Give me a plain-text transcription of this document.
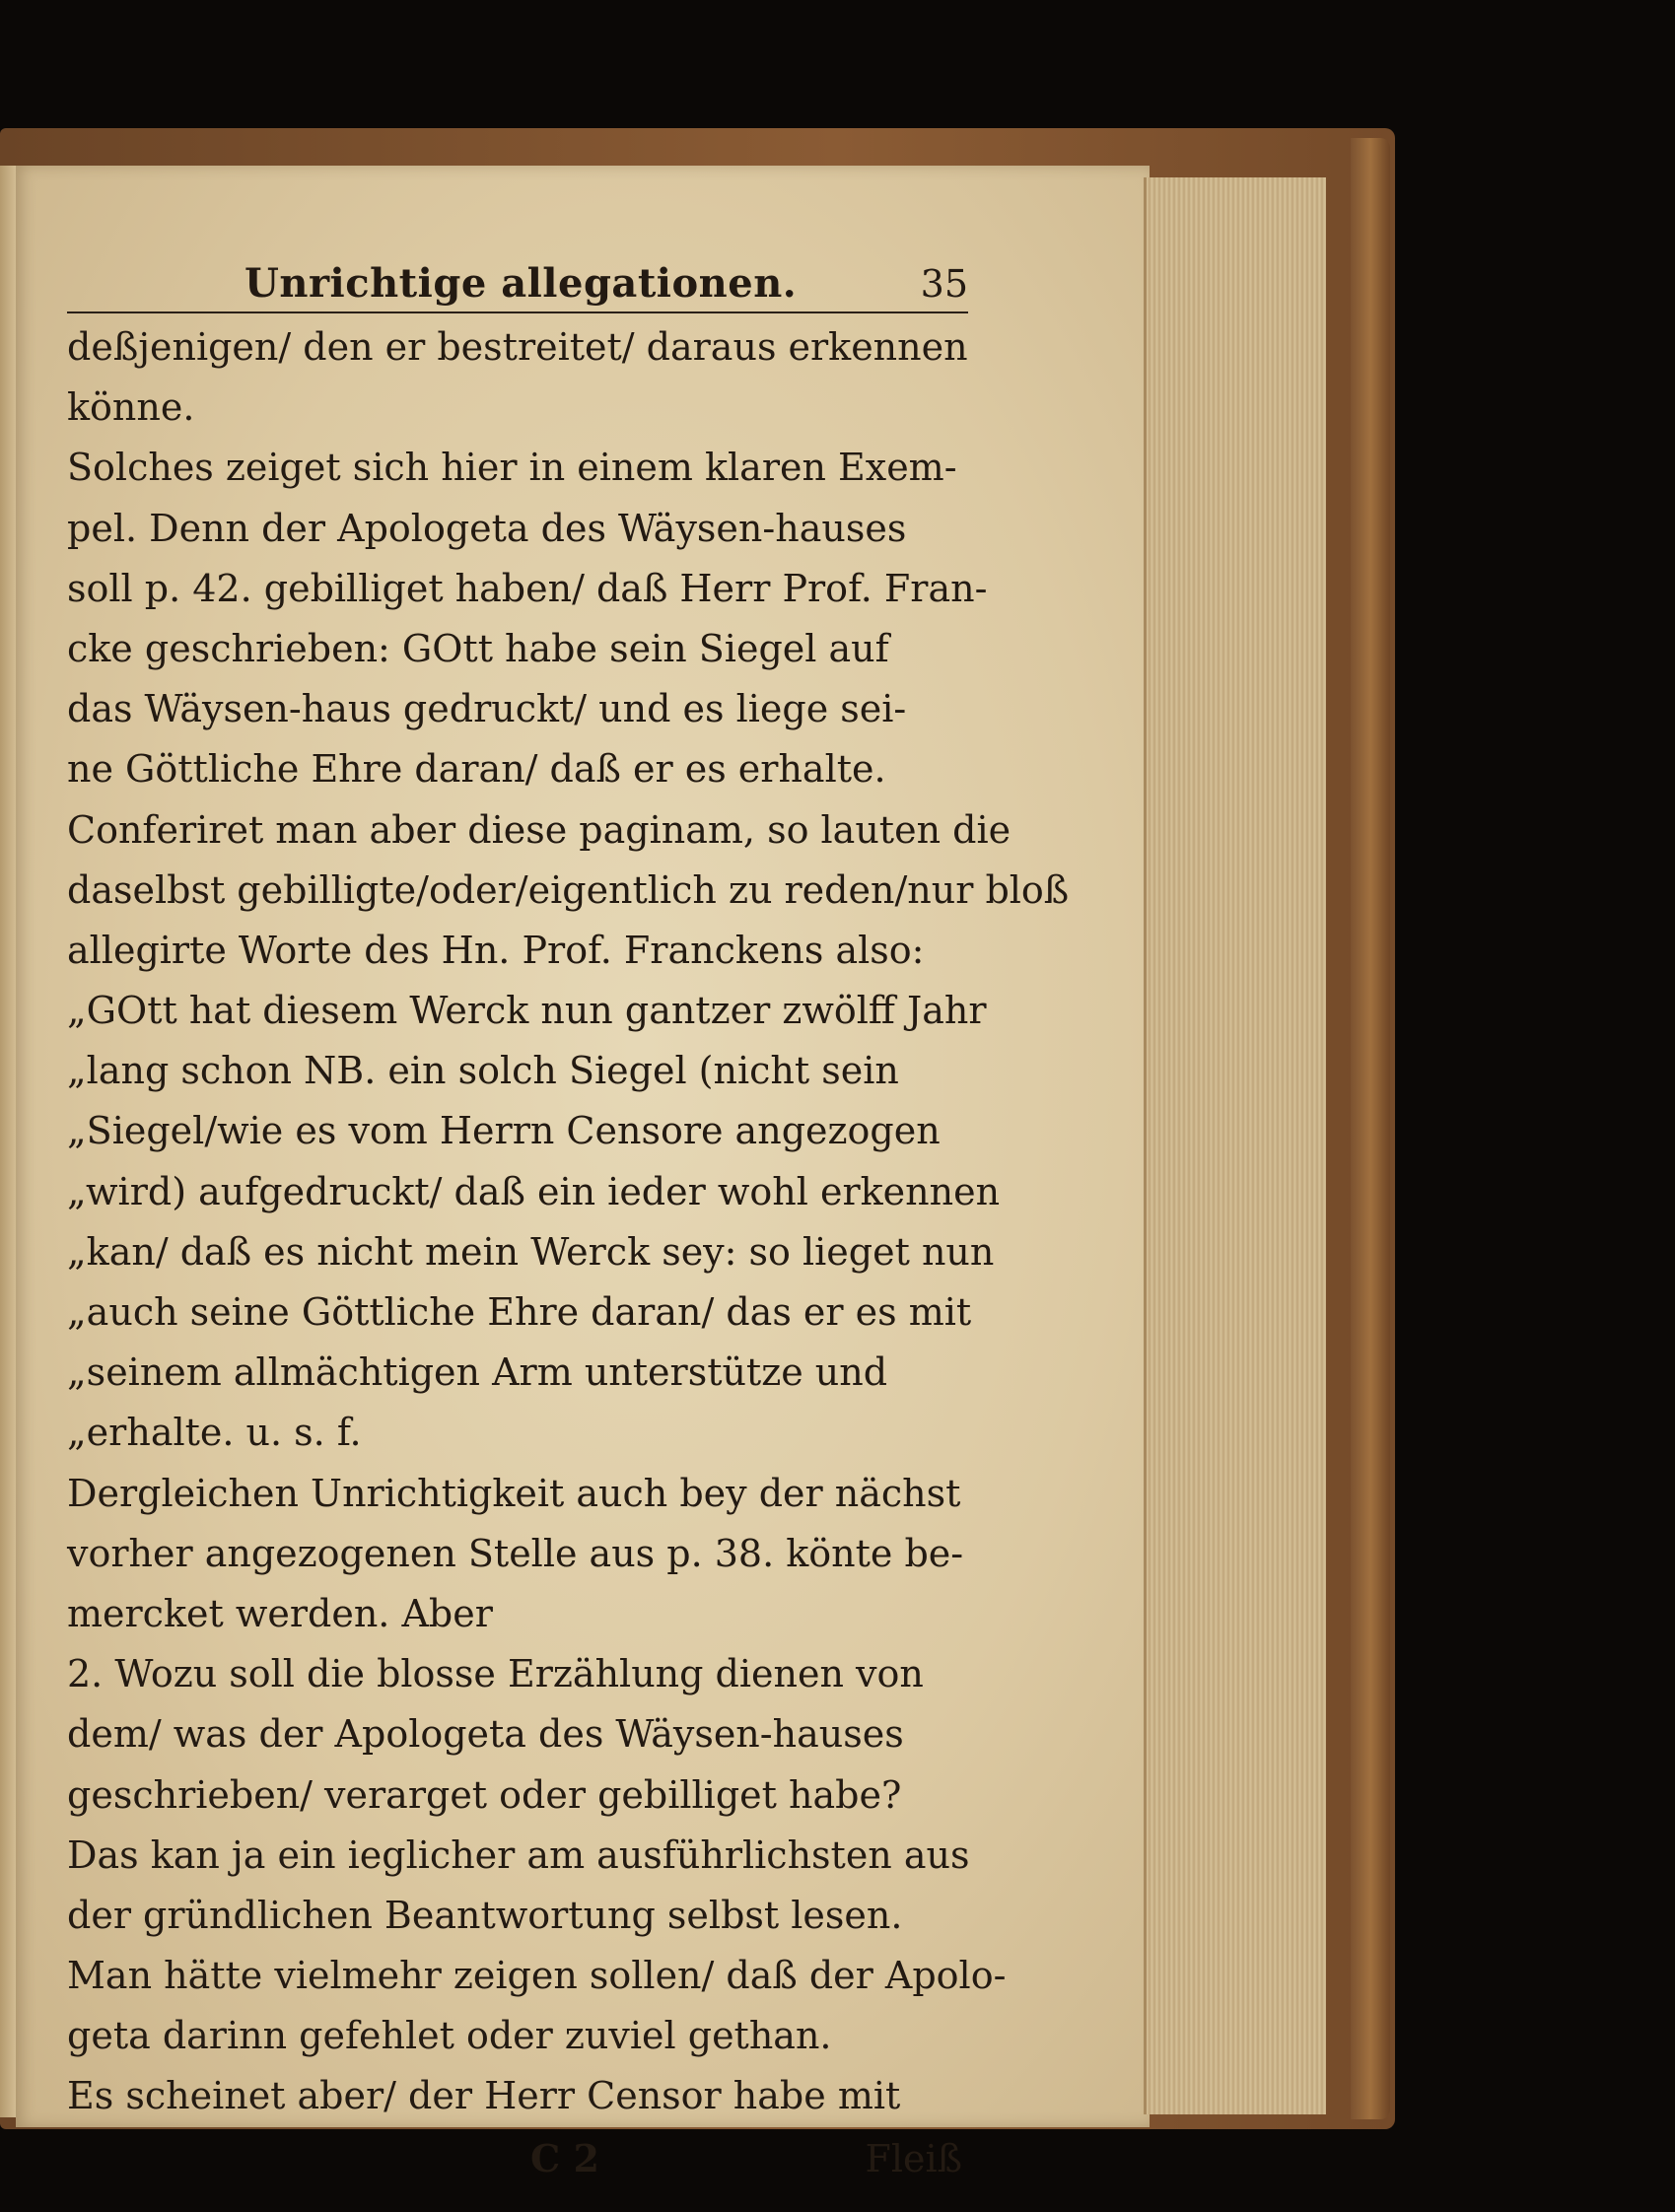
Unrichtige allegationen.	35
deßjenigen/ den er bestreitet/ daraus erkennen
könne.
Solches zeiget sich hier in einem klaren Exem-
pel. Denn der Apologeta des Wäysen-hauses
soll p. 42. gebilliget haben/ daß Herr Prof. Fran-
cke geschrieben: GOtt habe sein Siegel auf
das Wäysen-haus gedruckt/ und es liege sei-
ne Göttliche Ehre daran/ daß er es erhalte.
Conferiret man aber diese paginam, so lauten die
daselbst gebilligte/oder/eigentlich zu reden/nur bloß
allegirte Worte des Hn. Prof. Franckens also:
„GOtt hat diesem Werck nun gantzer zwölff Jahr
„lang schon NB. ein solch Siegel (nicht sein
„Siegel/wie es vom Herrn Censore angezogen
„wird) aufgedruckt/ daß ein ieder wohl erkennen
„kan/ daß es nicht mein Werck sey: so lieget nun
„auch seine Göttliche Ehre daran/ das er es mit
„seinem allmächtigen Arm unterstütze und
„erhalte. u. s. f.
Dergleichen Unrichtigkeit auch bey der nächst
vorher angezogenen Stelle aus p. 38. könte be-
mercket werden. Aber
2. Wozu soll die blosse Erzählung dienen von
dem/ was der Apologeta des Wäysen-hauses
geschrieben/ verarget oder gebilliget habe?
Das kan ja ein ieglicher am ausführlichsten aus
der gründlichen Beantwortung selbst lesen.
Man hätte vielmehr zeigen sollen/ daß der Apolo-
geta darinn gefehlet oder zuviel gethan.
Es scheinet aber/ der Herr Censor habe mit
C 2	Fleiß
